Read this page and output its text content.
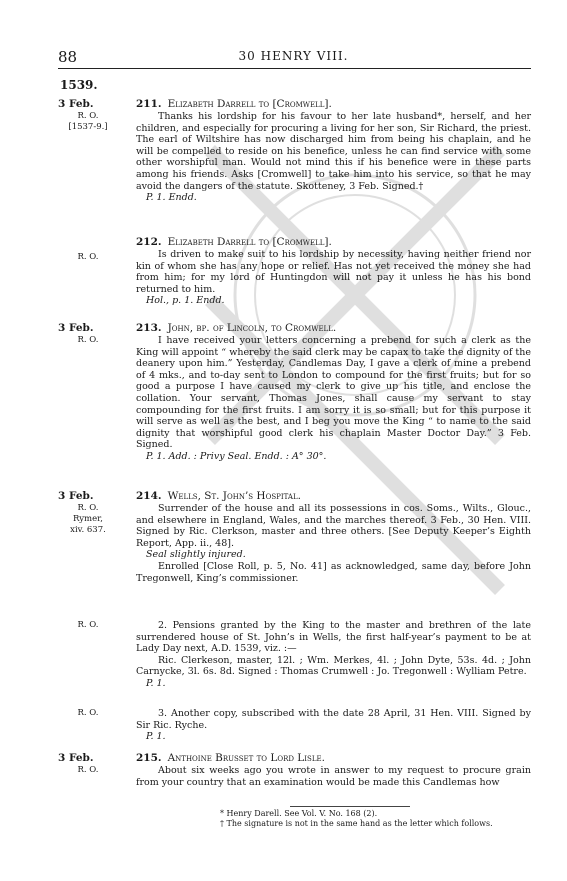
88	30 HENRY VIII.
1539.
3 Feb.
R. O.
[1537-9.]
211. Elizabeth Darrell to [Cromwell].

Thanks his lordship for his favour to her late husband*, herself, and her children, and especially for procuring a living for her son, Sir Richard, the priest. The earl of Wiltshire has now discharged him from being his chaplain, and he will be compelled to reside on his benefice, unless he can find service with some other worshipful man. Would not mind this if his benefice were in these parts among his friends. Asks [Cromwell] to take him into his service, so that he may avoid the dangers of the statute. Skotteney, 3 Feb. Signed.†

P. 1. Endd.
R. O.
212. Elizabeth Darrell to [Cromwell].

Is driven to make suit to his lordship by necessity, having neither friend nor kin of whom she has any hope or relief. Has not yet received the money she had from him; for my lord of Huntingdon will not pay it unless he has his bond returned to him.

Hol., p. 1. Endd.
3 Feb.
R. O.
213. John, bp. of Lincoln, to Cromwell.

I have received your letters concerning a prebend for such a clerk as the King will appoint “ whereby the said clerk may be capax to take the dignity of the deanery upon him.” Yesterday, Candlemas Day, I gave a clerk of mine a prebend of 4 mks., and to-day sent to London to compound for the first fruits; but for so good a purpose I have caused my clerk to give up his title, and enclose the collation. Your servant, Thomas Jones, shall cause my servant to stay compounding for the first fruits. I am sorry it is so small; but for this purpose it will serve as well as the best, and I beg you move the King “ to name to the said dignity that worshipful good clerk his chaplain Master Doctor Day.” 3 Feb. Signed.

P. 1. Add. : Privy Seal. Endd. : A° 30°.
3 Feb.
R. O.
Rymer,
xiv. 637.
214. Wells, St. John’s Hospital.

Surrender of the house and all its possessions in cos. Soms., Wilts., Glouc., and elsewhere in England, Wales, and the marches thereof. 3 Feb., 30 Hen. VIII. Signed by Ric. Clerkson, master and three others. [See Deputy Keeper’s Eighth Report, App. ii., 48].

Seal slightly injured.

Enrolled [Close Roll, p. 5, No. 41] as acknowledged, same day, before John Tregonwell, King’s commissioner.

R. O.	2. Pensions granted by the King to the master and brethren of the late surrendered house of St. John’s in Wells, the first half-year’s payment to be at Lady Day next, A.D. 1539, viz. :—

Ric. Clerkeson, master, 12l. ; Wm. Merkes, 4l. ; John Dyte, 53s. 4d. ; John Carnycke, 3l. 6s. 8d. Signed : Thomas Crumwell : Jo. Tregonwell : Wylliam Petre.

P. 1.
R. O.	3. Another copy, subscribed with the date 28 April, 31 Hen. VIII. Signed by Sir Ric. Ryche.

P. 1.
3 Feb.
R. O.
215. Anthoine Brusset to Lord Lisle.

About six weeks ago you wrote in answer to my request to procure grain from your country that an examination would be made this Candlemas how

* Henry Darell. See Vol. V. No. 168 (2).
† The signature is not in the same hand as the letter which follows.
